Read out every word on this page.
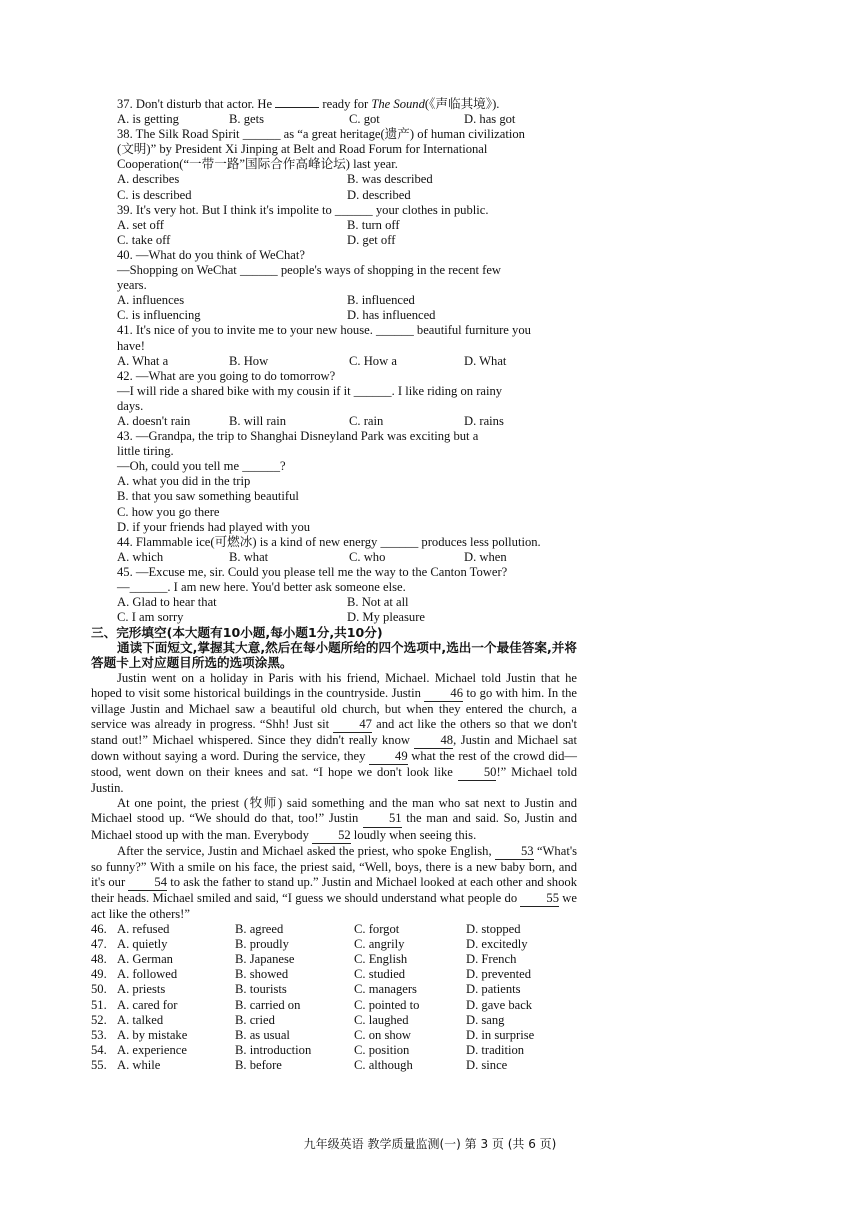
37. Don't disturb that actor. He	ready for The Sound(《声临其境》).
A. is getting	B. gets	C. got	D. has got
38. The Silk Road Spirit ______ as “a great heritage(遗产) of human civilization
(文明)” by President Xi Jinping at Belt and Road Forum for International
Cooperation(“一带一路”国际合作高峰论坛) last year.
A. describes	B. was described
C. is described	D. described
39. It's very hot. But I think it's impolite to ______ your clothes in public.
A. set off	B. turn off
C. take off	D. get off
40. —What do you think of WeChat?
—Shopping on WeChat ______ people's ways of shopping in the recent few
years.
A. influences	B. influenced
C. is influencing	D. has influenced
41. It's nice of you to invite me to your new house. ______ beautiful furniture you
have!
A. What a	B. How	C. How a	D. What
42. —What are you going to do tomorrow?
—I will ride a shared bike with my cousin if it ______. I like riding on rainy
days.
A. doesn't rain	B. will rain	C. rain	D. rains
43. —Grandpa, the trip to Shanghai Disneyland Park was exciting but a
little tiring.
—Oh, could you tell me ______?
A. what you did in the trip
B. that you saw something beautiful
C. how you go there
D. if your friends had played with you
44. Flammable ice(可燃冰) is a kind of new energy ______ produces less pollution.
A. which	B. what	C. who	D. when
45. —Excuse me, sir. Could you please tell me the way to the Canton Tower?
—______. I am new here. You'd better ask someone else.
A. Glad to hear that	B. Not at all
C. I am sorry	D. My pleasure
三、完形填空(本大题有10小题,每小题1分,共10分)
通读下面短文,掌握其大意,然后在每小题所给的四个选项中,选出一个最佳答案,并将答题卡上对应题目所选的选项涂黑。

Justin went on a holiday in Paris with his friend, Michael. Michael told Justin that he hoped to visit some historical buildings in the countryside. Justin 46 to go with him. In the village Justin and Michael saw a beautiful old church, but when they entered the church, a service was already in progress. “Shh! Just sit 47 and act like the others so that we don't stand out!” Michael whispered. Since they didn't really know 48, Justin and Michael sat down without saying a word. During the service, they 49 what the rest of the crowd did—stood, went down on their knees and sat. “I hope we don't look like 50!” Michael told Justin.

At one point, the priest (牧师) said something and the man who sat next to Justin and Michael stood up. “We should do that, too!” Justin 51 the man and said. So, Justin and Michael stood up with the man. Everybody 52 loudly when seeing this.

After the service, Justin and Michael asked the priest, who spoke English, 53 “What's so funny?” With a smile on his face, the priest said, “Well, boys, there is a new baby born, and it's our 54 to ask the father to stand up.” Justin and Michael looked at each other and shook their heads. Michael smiled and said, “I guess we should understand what people do 55 we act like the others!”

46. A. refused	B. agreed	C. forgot	D. stopped
47. A. quietly	B. proudly	C. angrily	D. excitedly
48. A. German	B. Japanese	C. English	D. French
49. A. followed	B. showed	C. studied	D. prevented
50. A. priests	B. tourists	C. managers	D. patients
51. A. cared for	B. carried on	C. pointed to	D. gave back
52. A. talked	B. cried	C. laughed	D. sang
53. A. by mistake	B. as usual	C. on show	D. in surprise
54. A. experience	B. introduction	C. position	D. tradition
55. A. while	B. before	C. although	D. since
九年级英语 教学质量监测(一) 第 3 页 (共 6 页)
